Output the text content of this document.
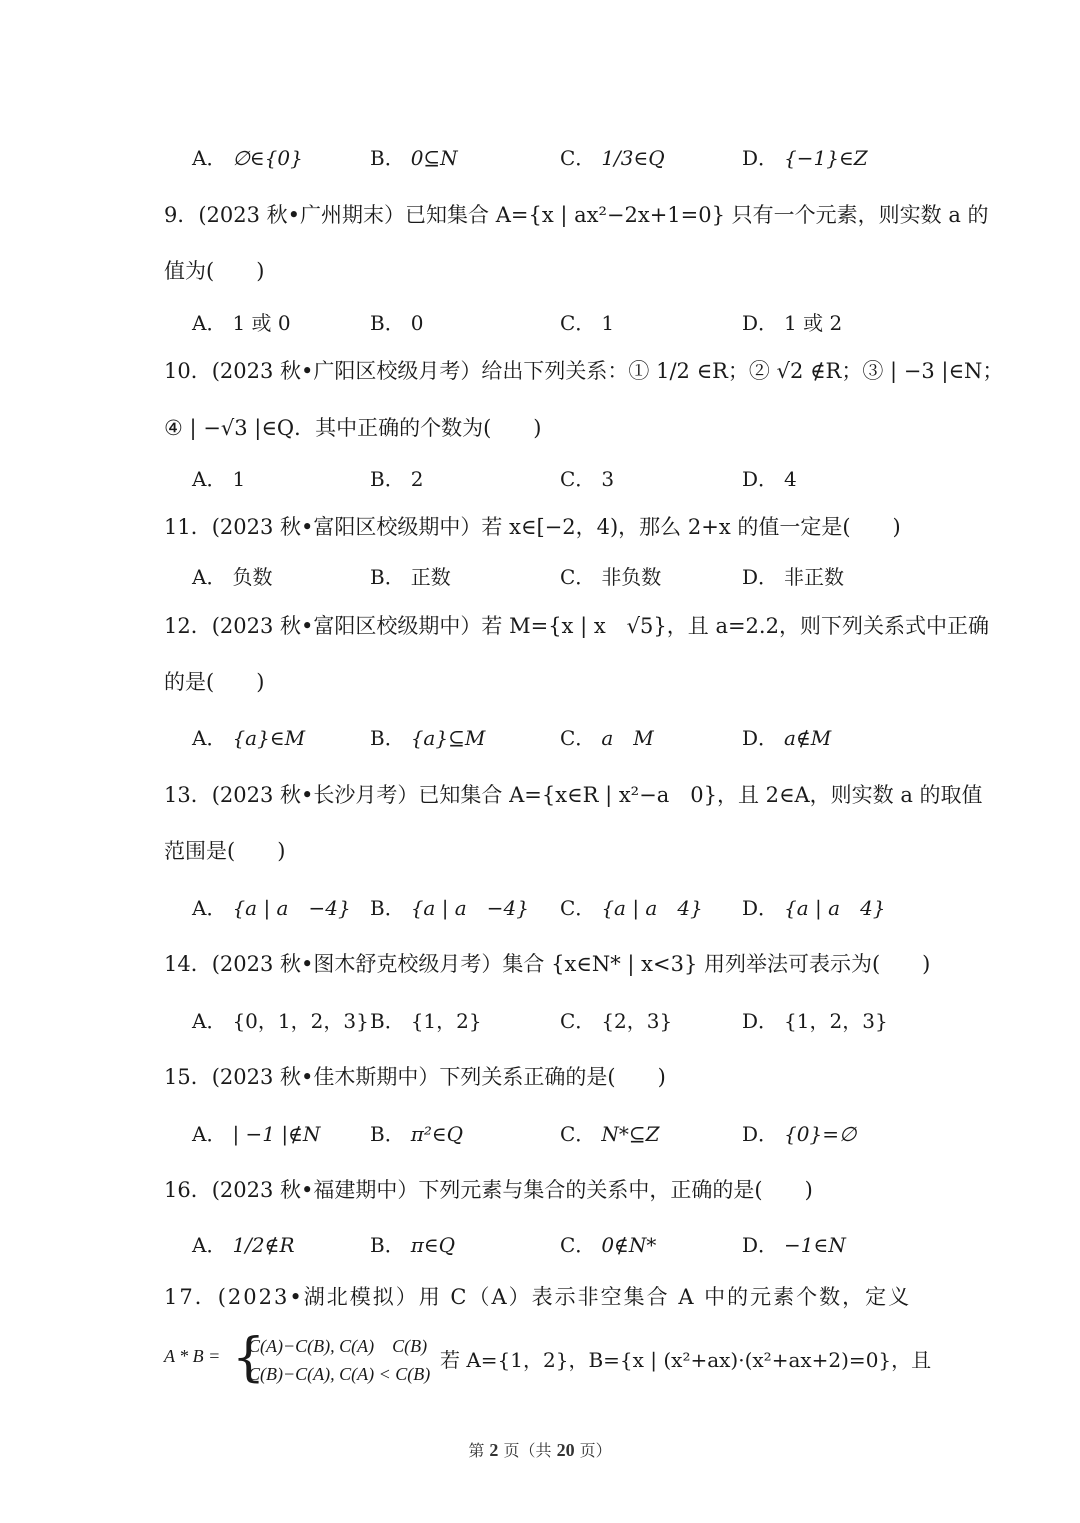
A． ∅∈{0}	B． 0⊆N	C． 1/3∈Q	D． {−1}∈Z
9．(2023 秋•广州期末）已知集合 A={x | ax²−2x+1=0} 只有一个元素，则实数 a 的
值为(　　)
A． 1 或 0	B． 0	C． 1	D． 1 或 2
10．(2023 秋•广阳区校级月考）给出下列关系：① 1/2 ∈R；② √2 ∉R；③ | −3 |∈N；
④ | −√3 |∈Q．其中正确的个数为(　　)
A． 1	B． 2	C． 3	D． 4
11．(2023 秋•富阳区校级期中）若 x∈[−2，4)，那么 2+x 的值一定是(　　)
A． 负数	B． 正数	C． 非负数	D． 非正数
12．(2023 秋•富阳区校级期中）若 M={x | x　√5}，且 a=2.2，则下列关系式中正确
的是(　　)
A． {a}∈M	B． {a}⊆M	C． a　M	D． a∉M
13．(2023 秋•长沙月考）已知集合 A={x∈R | x²−a　0}，且 2∈A，则实数 a 的取值
范围是(　　)
A． {a | a　−4} B． {a | a　−4} C． {a | a　4} D． {a | a　4}
14．(2023 秋•图木舒克校级月考）集合 {x∈N* | x<3} 用列举法可表示为(　　)
A． {0，1，2，3} B． {1，2}	C． {2，3}	D． {1，2，3}
15．(2023 秋•佳木斯期中）下列关系正确的是(　　)
A． | −1 |∉N B． π²∈Q	C． N*⊆Z	D． {0}=∅
16．(2023 秋•福建期中）下列元素与集合的关系中，正确的是(　　)
A． 1/2∉R	B． π∈Q	C． 0∉N*	D． −1∈N
17．(2023•湖北模拟）用 C（A）表示非空集合 A 中的元素个数，定义
A * B = {
C(A)−C(B), C(A)　C(B)
C(B)−C(A), C(A) < C(B)
若 A={1，2}，B={x | (x²+ax)·(x²+ax+2)=0}，且
第 2 页（共 20 页）
